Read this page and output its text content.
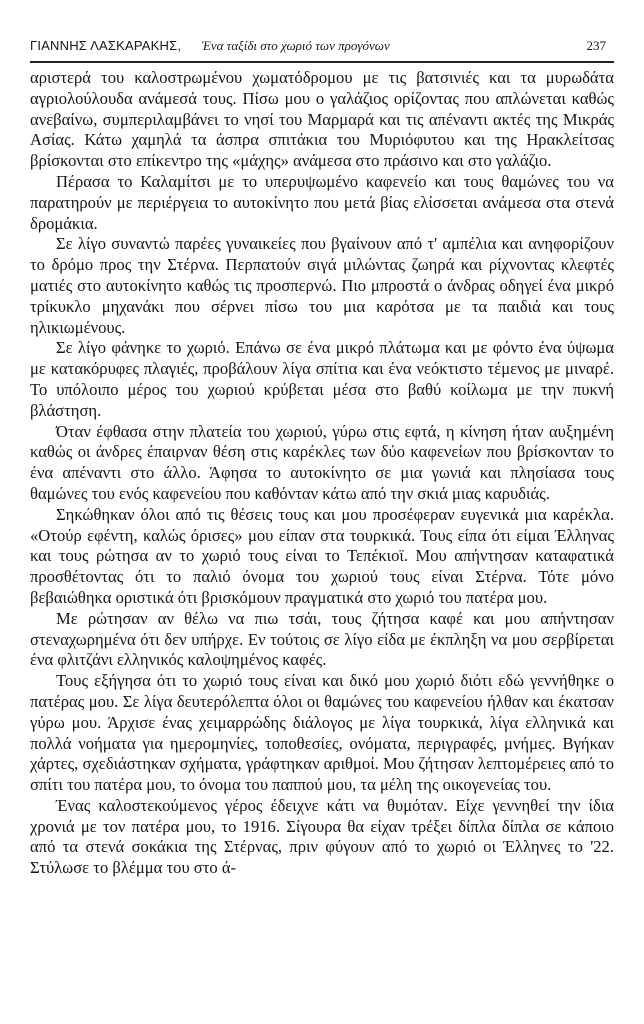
ΓΙΑΝΝΗΣ ΛΑΣΚΑΡΑΚΗΣ, Ένα ταξίδι στο χωριό των προγόνων	237

αριστερά του καλοστρωμένου χωματόδρομου με τις βατσινιές και τα μυρωδάτα αγριολούλουδα ανάμεσά τους. Πίσω μου ο γαλάζιος ορίζοντας που απλώνεται καθώς ανεβαίνω, συμπεριλαμβάνει το νησί του Μαρμαρά και τις απέναντι ακτές της Μικράς Ασίας. Κάτω χαμηλά τα άσπρα σπιτάκια του Μυριόφυτου και της Ηρακλείτσας βρίσκονται στο επίκεντρο της «μάχης» ανάμεσα στο πράσινο και στο γαλάζιο.

Πέρασα το Καλαμίτσι με το υπερυψωμένο καφενείο και τους θαμώνες του να παρατηρούν με περιέργεια το αυτοκίνητο που μετά βίας ελίσσεται ανάμεσα στα στενά δρομάκια.

Σε λίγο συναντώ παρέες γυναικείες που βγαίνουν από τ' αμπέλια και ανηφορίζουν το δρόμο προς την Στέρνα. Περπατούν σιγά μιλώντας ζωηρά και ρίχνοντας κλεφτές ματιές στο αυτοκίνητο καθώς τις προσπερνώ. Πιο μπροστά ο άνδρας οδηγεί ένα μικρό τρίκυκλο μηχανάκι που σέρνει πίσω του μια καρότσα με τα παιδιά και τους ηλικιωμένους.

Σε λίγο φάνηκε το χωριό. Επάνω σε ένα μικρό πλάτωμα και με φόντο ένα ύψωμα με κατακόρυφες πλαγιές, προβάλουν λίγα σπίτια και ένα νεόκτιστο τέμενος με μιναρέ. Το υπόλοιπο μέρος του χωριού κρύβεται μέσα στο βαθύ κοίλωμα με την πυκνή βλάστηση.

Όταν έφθασα στην πλατεία του χωριού, γύρω στις εφτά, η κίνηση ήταν αυξημένη καθώς οι άνδρες έπαιρναν θέση στις καρέκλες των δύο καφενείων που βρίσκονταν το ένα απέναντι στο άλλο. Άφησα το αυτοκίνητο σε μια γωνιά και πλησίασα τους θαμώνες του ενός καφενείου που καθόνταν κάτω από την σκιά μιας καρυδιάς.

Σηκώθηκαν όλοι από τις θέσεις τους και μου προσέφεραν ευγενικά μια καρέκλα. «Οτούρ εφέντη, καλώς όρισες» μου είπαν στα τουρκικά. Τους είπα ότι είμαι Έλληνας και τους ρώτησα αν το χωριό τους είναι το Τεπέκιοϊ. Μου απήντησαν καταφατικά προσθέτοντας ότι το παλιό όνομα του χωριού τους είναι Στέρνα. Τότε μόνο βεβαιώθηκα οριστικά ότι βρισκόμουν πραγματικά στο χωριό του πατέρα μου.

Με ρώτησαν αν θέλω να πιω τσάι, τους ζήτησα καφέ και μου απήντησαν στεναχωρημένα ότι δεν υπήρχε. Εν τούτοις σε λίγο είδα με έκπληξη να μου σερβίρεται ένα φλιτζάνι ελληνικός καλοψημένος καφές.

Τους εξήγησα ότι το χωριό τους είναι και δικό μου χωριό διότι εδώ γεννήθηκε ο πατέρας μου. Σε λίγα δευτερόλεπτα όλοι οι θαμώνες του καφενείου ήλθαν και έκατσαν γύρω μου. Άρχισε ένας χειμαρρώδης διάλογος με λίγα τουρκικά, λίγα ελληνικά και πολλά νοήματα για ημερομηνίες, τοποθεσίες, ονόματα, περιγραφές, μνήμες. Βγήκαν χάρτες, σχεδιάστηκαν σχήματα, γράφτηκαν αριθμοί. Μου ζήτησαν λεπτομέρειες από το σπίτι του πατέρα μου, το όνομα του παππού μου, τα μέλη της οικογενείας του.

Ένας καλοστεκούμενος γέρος έδειχνε κάτι να θυμόταν. Είχε γεννηθεί την ίδια χρονιά με τον πατέρα μου, το 1916. Σίγουρα θα είχαν τρέξει δίπλα δίπλα σε κάποιο από τα στενά σοκάκια της Στέρνας, πριν φύγουν από το χωριό οι Έλληνες το '22. Στύλωσε το βλέμμα του στο ά-
